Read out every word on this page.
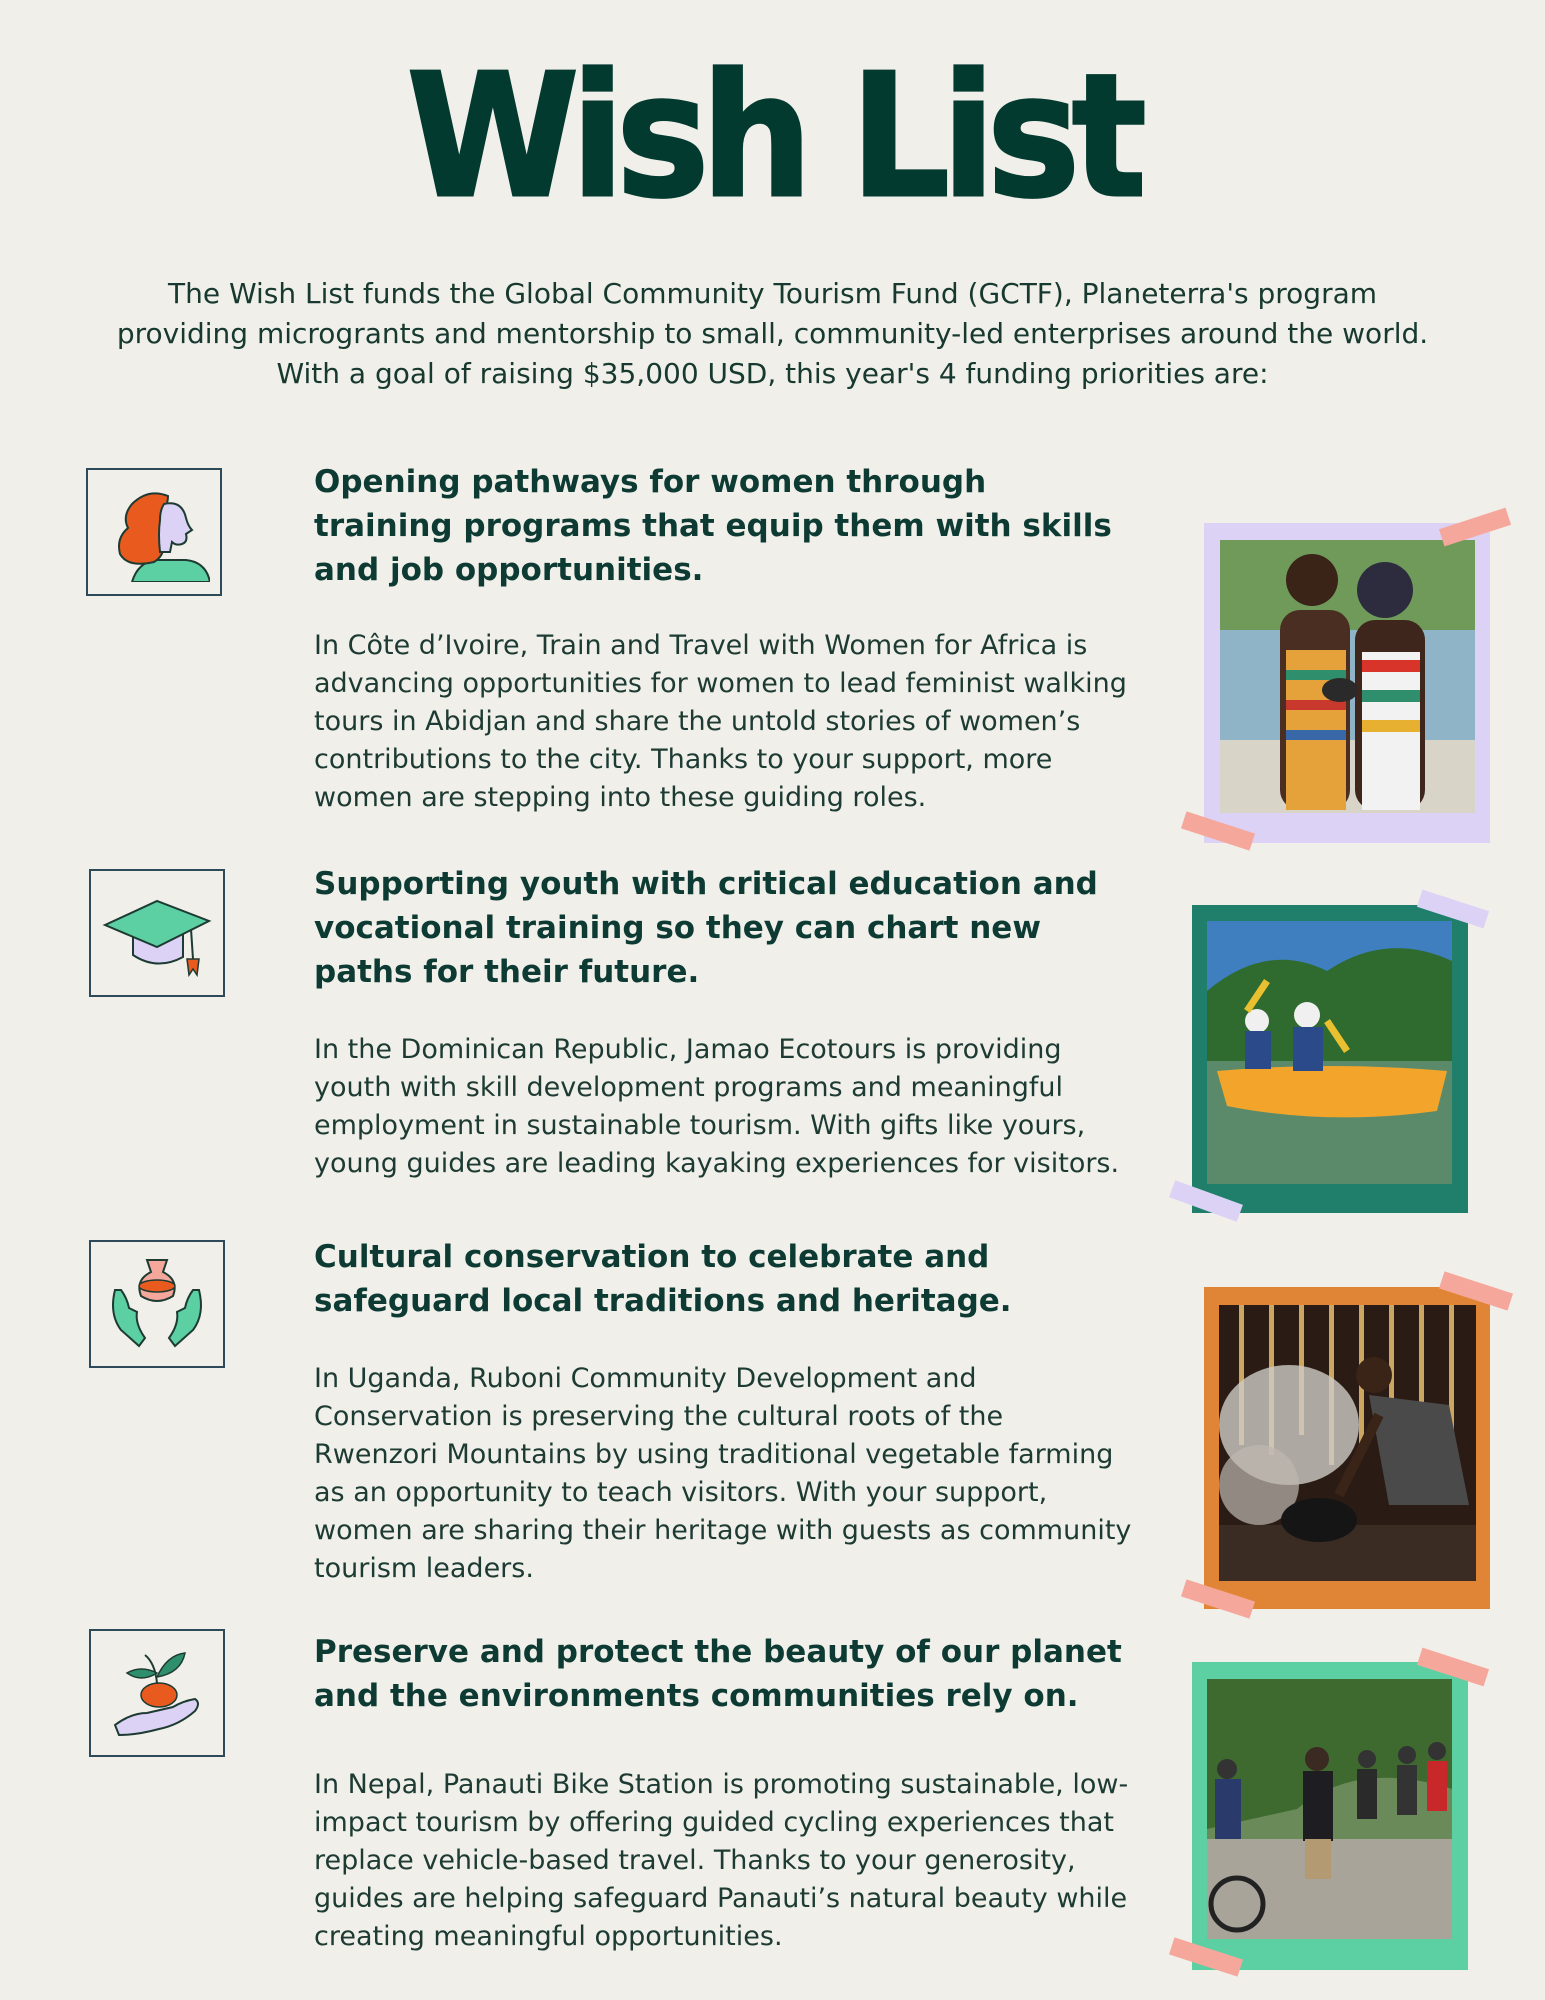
Wish List
The Wish List funds the Global Community Tourism Fund (GCTF), Planeterra's program providing microgrants and mentorship to small, community-led enterprises around the world. With a goal of raising $35,000 USD, this year's 4 funding priorities are:
Opening pathways for women through training programs that equip them with skills and job opportunities.
In Côte d’Ivoire, Train and Travel with Women for Africa is advancing opportunities for women to lead feminist walking tours in Abidjan and share the untold stories of women’s contributions to the city. Thanks to your support, more women are stepping into these guiding roles.
Supporting youth with critical education and vocational training so they can chart new paths for their future.
In the Dominican Republic, Jamao Ecotours is providing youth with skill development programs and meaningful employment in sustainable tourism. With gifts like yours, young guides are leading kayaking experiences for visitors.
Cultural conservation to celebrate and safeguard local traditions and heritage.
In Uganda, Ruboni Community Development and Conservation is preserving the cultural roots of the Rwenzori Mountains by using traditional vegetable farming as an opportunity to teach visitors. With your support, women are sharing their heritage with guests as community tourism leaders.
Preserve and protect the beauty of our planet and the environments communities rely on.
In Nepal, Panauti Bike Station is promoting sustainable, low-impact tourism by offering guided cycling experiences that replace vehicle-based travel. Thanks to your generosity, guides are helping safeguard Panauti’s natural beauty while creating meaningful opportunities.
